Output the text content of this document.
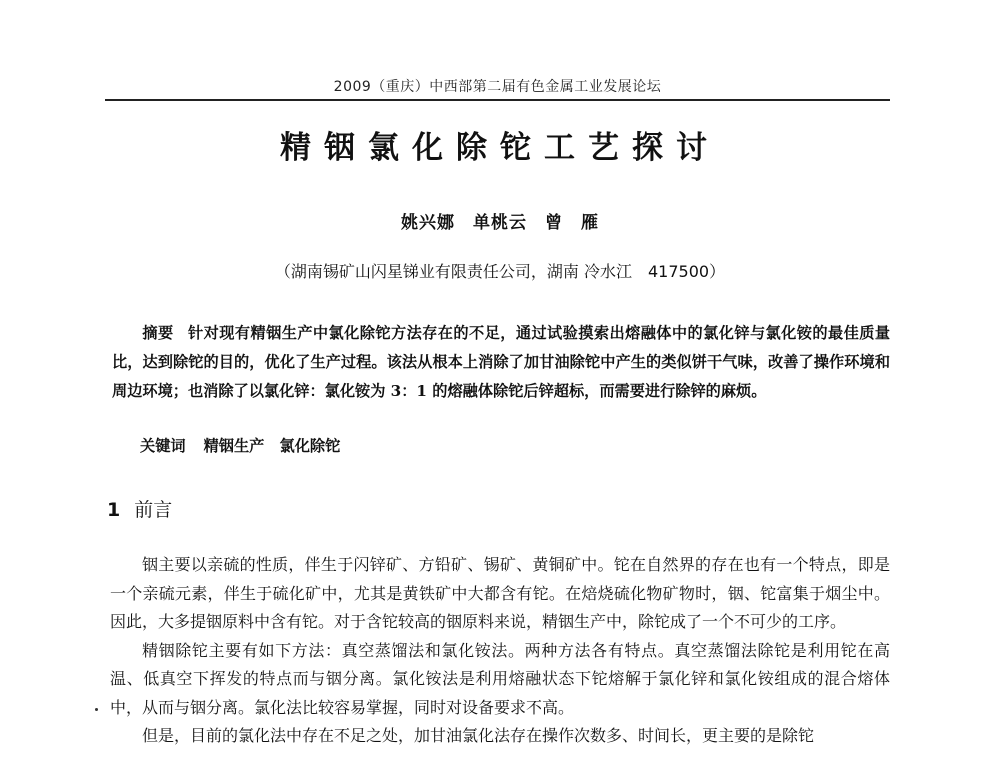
2009（重庆）中西部第二届有色金属工业发展论坛
精铟氯化除铊工艺探讨
姚兴娜　单桃云　曾　雁
（湖南锡矿山闪星锑业有限责任公司，湖南 冷水江　417500）

摘要 针对现有精铟生产中氯化除铊方法存在的不足，通过试验摸索出熔融体中的氯化锌与氯化铵的最佳质量比，达到除铊的目的，优化了生产过程。该法从根本上消除了加甘油除铊中产生的类似饼干气味，改善了操作环境和周边环境；也消除了以氯化锌：氯化铵为 3：1 的熔融体除铊后锌超标，而需要进行除锌的麻烦。

关键词 精铟生产　氯化除铊
1 前言

铟主要以亲硫的性质，伴生于闪锌矿、方铅矿、锡矿、黄铜矿中。铊在自然界的存在也有一个特点，即是一个亲硫元素，伴生于硫化矿中，尤其是黄铁矿中大都含有铊。在焙烧硫化物矿物时，铟、铊富集于烟尘中。因此，大多提铟原料中含有铊。对于含铊较高的铟原料来说，精铟生产中，除铊成了一个不可少的工序。

精铟除铊主要有如下方法：真空蒸馏法和氯化铵法。两种方法各有特点。真空蒸馏法除铊是利用铊在高温、低真空下挥发的特点而与铟分离。氯化铵法是利用熔融状态下铊熔解于氯化锌和氯化铵组成的混合熔体中，从而与铟分离。氯化法比较容易掌握，同时对设备要求不高。

但是，目前的氯化法中存在不足之处，加甘油氯化法存在操作次数多、时间长，更主要的是除铊
